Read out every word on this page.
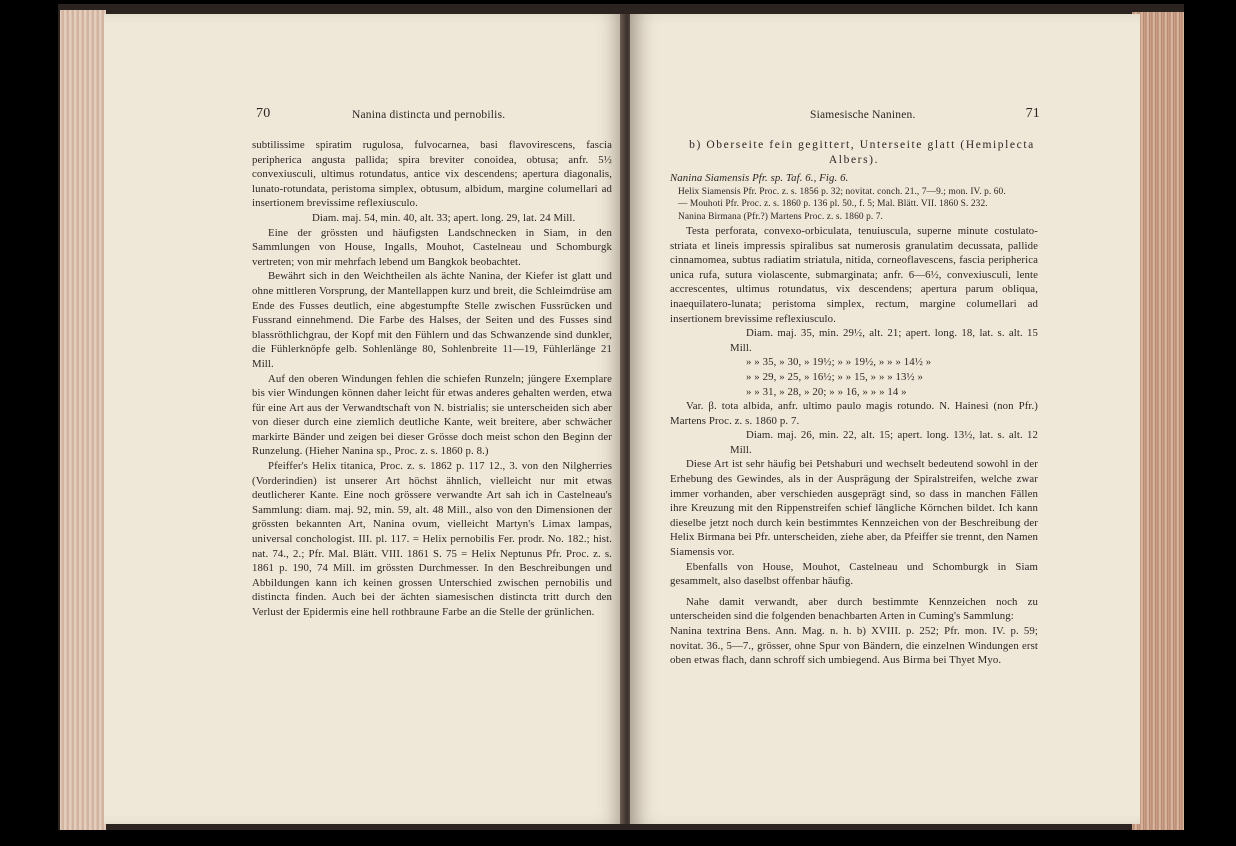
70	Nanina distincta und pernobilis.

subtilissime spiratim rugulosa, fulvocarnea, basi flavovirescens, fascia peripherica angusta pallida; spira breviter conoidea, obtusa; anfr. 5½ convexiusculi, ultimus rotundatus, antice vix descendens; apertura diagonalis, lunato-rotundata, peristoma simplex, obtusum, albidum, margine columellari ad insertionem brevissime reflexiusculo.

Diam. maj. 54, min. 40, alt. 33; apert. long. 29, lat. 24 Mill.

Eine der grössten und häufigsten Landschnecken in Siam, in den Sammlungen von House, Ingalls, Mouhot, Castelneau und Schomburgk vertreten; von mir mehrfach lebend um Bangkok beobachtet.

Bewährt sich in den Weichtheilen als ächte Nanina, der Kiefer ist glatt und ohne mittleren Vorsprung, der Mantellappen kurz und breit, die Schleimdrüse am Ende des Fusses deutlich, eine abgestumpfte Stelle zwischen Fussrücken und Fussrand einnehmend. Die Farbe des Halses, der Seiten und des Fusses sind blassröthlichgrau, der Kopf mit den Fühlern und das Schwanzende sind dunkler, die Fühlerknöpfe gelb. Sohlenlänge 80, Sohlenbreite 11—19, Fühlerlänge 21 Mill.

Auf den oberen Windungen fehlen die schiefen Runzeln; jüngere Exemplare bis vier Windungen können daher leicht für etwas anderes gehalten werden, etwa für eine Art aus der Verwandtschaft von N. bistrialis; sie unterscheiden sich aber von dieser durch eine ziemlich deutliche Kante, weit breitere, aber schwächer markirte Bänder und zeigen bei dieser Grösse doch meist schon den Beginn der Runzelung. (Hieher Nanina sp., Proc. z. s. 1860 p. 8.)

Pfeiffer's Helix titanica, Proc. z. s. 1862 p. 117 12., 3. von den Nilgherries (Vorderindien) ist unserer Art höchst ähnlich, vielleicht nur mit etwas deutlicherer Kante. Eine noch grössere verwandte Art sah ich in Castelneau's Sammlung: diam. maj. 92, min. 59, alt. 48 Mill., also von den Dimensionen der grössten bekannten Art, Nanina ovum, vielleicht Martyn's Limax lampas, universal conchologist. III. pl. 117. = Helix pernobilis Fer. prodr. No. 182.; hist. nat. 74., 2.; Pfr. Mal. Blätt. VIII. 1861 S. 75 = Helix Neptunus Pfr. Proc. z. s. 1861 p. 190, 74 Mill. im grössten Durchmesser. In den Beschreibungen und Abbildungen kann ich keinen grossen Unterschied zwischen pernobilis und distincta finden. Auch bei der ächten siamesischen distincta tritt durch den Verlust der Epidermis eine hell rothbraune Farbe an die Stelle der grünlichen.

Siamesische Naninen.	71

b) Oberseite fein gegittert, Unterseite glatt (Hemiplecta Albers).

Nanina Siamensis Pfr. sp. Taf. 6., Fig. 6.

Helix Siamensis Pfr. Proc. z. s. 1856 p. 32; novitat. conch. 21., 7—9.; mon. IV. p. 60.

— Mouhoti Pfr. Proc. z. s. 1860 p. 136 pl. 50., f. 5; Mal. Blätt. VII. 1860 S. 232.

Nanina Birmana (Pfr.?) Martens Proc. z. s. 1860 p. 7.

Testa perforata, convexo-orbiculata, tenuiuscula, superne minute costulato-striata et lineis impressis spiralibus sat numerosis granulatim decussata, pallide cinnamomea, subtus radiatim striatula, nitida, corneoflavescens, fascia peripherica unica rufa, sutura violascente, submarginata; anfr. 6—6½, convexiusculi, lente accrescentes, ultimus rotundatus, vix descendens; apertura parum obliqua, inaequilatero-lunata; peristoma simplex, rectum, margine columellari ad insertionem brevissime reflexiusculo.

Diam. maj. 35, min. 29½, alt. 21; apert. long. 18, lat. s. alt. 15 Mill.

» » 35, » 30, » 19½; » » 19½, » » » 14½ »

» » 29, » 25, » 16½; » » 15, » » » 13½ »

» » 31, » 28, » 20; » » 16, » » » 14 »

Var. β. tota albida, anfr. ultimo paulo magis rotundo. N. Hainesi (non Pfr.) Martens Proc. z. s. 1860 p. 7.

Diam. maj. 26, min. 22, alt. 15; apert. long. 13½, lat. s. alt. 12 Mill.

Diese Art ist sehr häufig bei Petshaburi und wechselt bedeutend sowohl in der Erhebung des Gewindes, als in der Ausprägung der Spiralstreifen, welche zwar immer vorhanden, aber verschieden ausgeprägt sind, so dass in manchen Fällen ihre Kreuzung mit den Rippenstreifen schief längliche Körnchen bildet. Ich kann dieselbe jetzt noch durch kein bestimmtes Kennzeichen von der Beschreibung der Helix Birmana bei Pfr. unterscheiden, ziehe aber, da Pfeiffer sie trennt, den Namen Siamensis vor.

Ebenfalls von House, Mouhot, Castelneau und Schomburgk in Siam gesammelt, also daselbst offenbar häufig.

Nahe damit verwandt, aber durch bestimmte Kennzeichen noch zu unterscheiden sind die folgenden benachbarten Arten in Cuming's Sammlung:

Nanina textrina Bens. Ann. Mag. n. h. b) XVIII. p. 252; Pfr. mon. IV. p. 59; novitat. 36., 5—7., grösser, ohne Spur von Bändern, die einzelnen Windungen erst oben etwas flach, dann schroff sich umbiegend. Aus Birma bei Thyet Myo.
